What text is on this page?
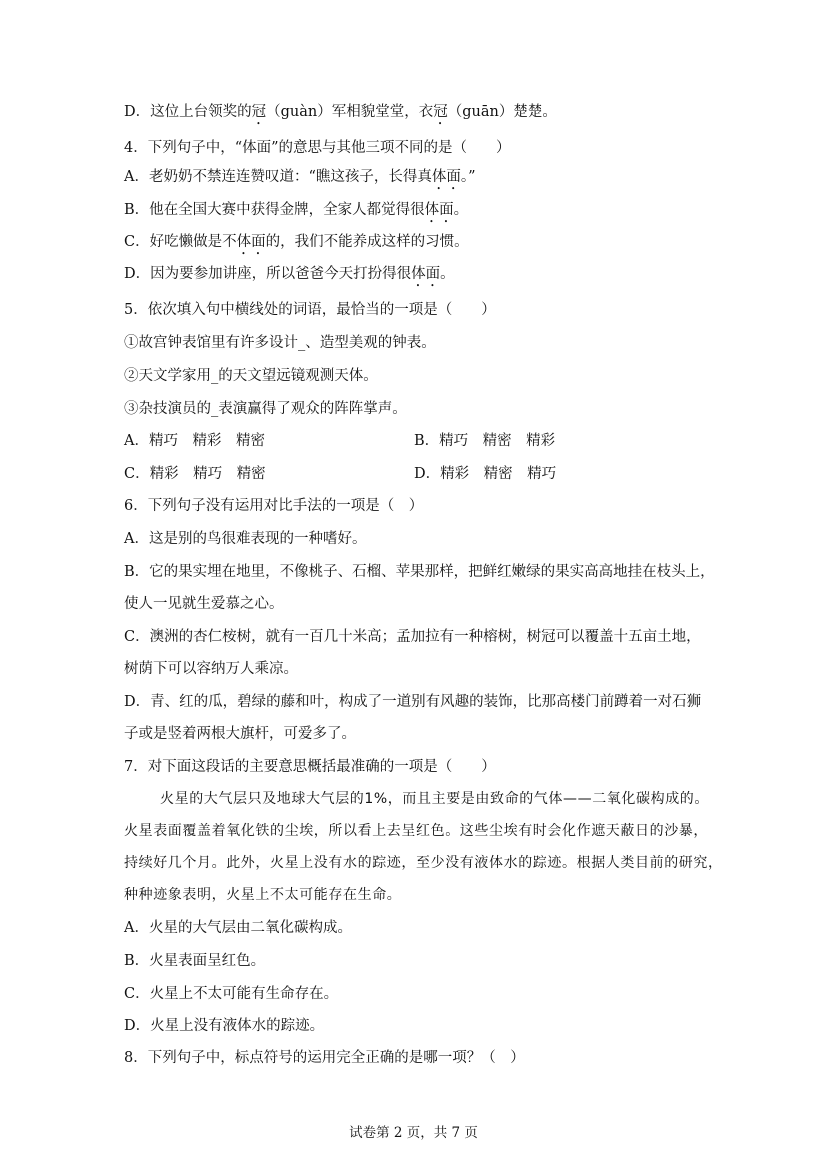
D．这位上台领奖的冠（guàn）军相貌堂堂，衣冠（guān）楚楚。
4．下列句子中，“体面”的意思与其他三项不同的是（　　）
A．老奶奶不禁连连赞叹道：“瞧这孩子，长得真体面。”
B．他在全国大赛中获得金牌，全家人都觉得很体面。
C．好吃懒做是不体面的，我们不能养成这样的习惯。
D．因为要参加讲座，所以爸爸今天打扮得很体面。
5．依次填入句中横线处的词语，最恰当的一项是（　　）
①故宫钟表馆里有许多设计_、造型美观的钟表。
②天文学家用_的天文望远镜观测天体。
③杂技演员的_表演赢得了观众的阵阵掌声。
A．精巧　精彩　精密	B．精巧　精密　精彩
C．精彩　精巧　精密	D．精彩　精密　精巧
6．下列句子没有运用对比手法的一项是（　）
A．这是别的鸟很难表现的一种嗜好。
B．它的果实埋在地里，不像桃子、石榴、苹果那样，把鲜红嫩绿的果实高高地挂在枝头上，
使人一见就生爱慕之心。
C．澳洲的杏仁桉树，就有一百几十米高；孟加拉有一种榕树，树冠可以覆盖十五亩土地，
树荫下可以容纳万人乘凉。
D．青、红的瓜，碧绿的藤和叶，构成了一道别有风趣的装饰，比那高楼门前蹲着一对石狮
子或是竖着两根大旗杆，可爱多了。
7．对下面这段话的主要意思概括最准确的一项是（　　）
火星的大气层只及地球大气层的1%，而且主要是由致命的气体——二氧化碳构成的。
火星表面覆盖着氧化铁的尘埃，所以看上去呈红色。这些尘埃有时会化作遮天蔽日的沙暴，
持续好几个月。此外，火星上没有水的踪迹，至少没有液体水的踪迹。根据人类目前的研究，
种种迹象表明，火星上不太可能存在生命。
A．火星的大气层由二氧化碳构成。
B．火星表面呈红色。
C．火星上不太可能有生命存在。
D．火星上没有液体水的踪迹。
8．下列句子中，标点符号的运用完全正确的是哪一项？（　）
试卷第 2 页，共 7 页
